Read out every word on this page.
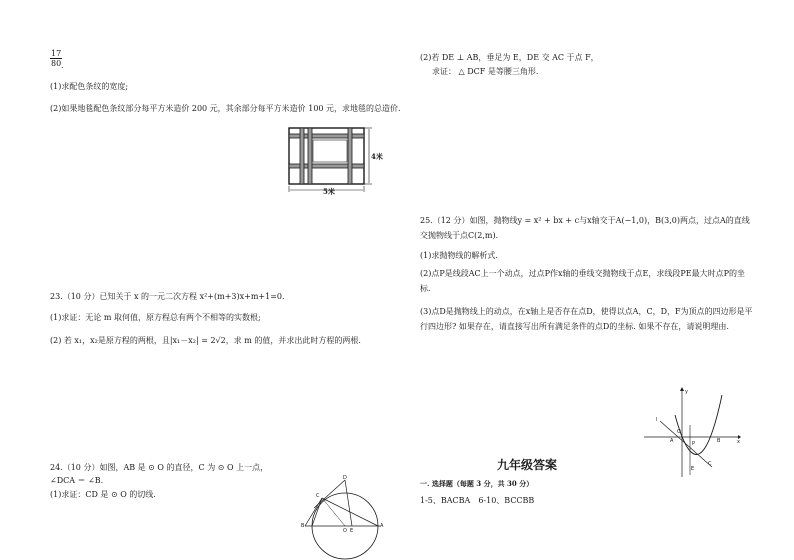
$\frac{17}{80}$
.
(1)求配色条纹的宽度;
(2)如果地毯配色条纹部分每平方米造价 200 元，其余部分每平方米造价 100 元，求地毯的总造价.
5米
4米
23.（10 分）已知关于 x 的一元二次方程 x²+(m+3)x+m+1=0.
(1)求证：无论 m 取何值，原方程总有两个不相等的实数根;
(2) 若 x₁，x₂是原方程的两根，且|x₁－x₂| = 2√2，求 m 的值，并求出此时方程的两根.
24.（10 分）如图，AB 是 ⊙ O 的直径，C 为 ⊙ O 上一点，
∠DCA ＝ ∠B.
(1)求证：CD 是 ⊙ O 的切线.
D
C
B
O E
A
(2)若 DE ⊥ AB，垂足为 E，DE 交 AC 于点 F，
求证： △ DCF 是等腰三角形.
25.（12 分）如图，抛物线y = x² + bx + c与x轴交于A(−1,0)，B(3,0)两点，过点A的直线交抛物线于点C(2,m).
(1)求抛物线的解析式.
(2)点P是线段AC上一个动点，过点P作x轴的垂线交抛物线于点E，求线段PE最大时点P的坐标.
(3)点D是抛物线上的动点，在x轴上是否存在点D，使得以点A，C，D，F为顶点的四边形是平行四边形? 如果存在，请直接写出所有满足条件的点D的坐标. 如果不存在，请说明理由.
y
x
l
A
O
P	B
E
C
九年级答案
一. 选择题（每题 3 分，共 30 分）
1-5、BACBA　6-10、BCCBB
